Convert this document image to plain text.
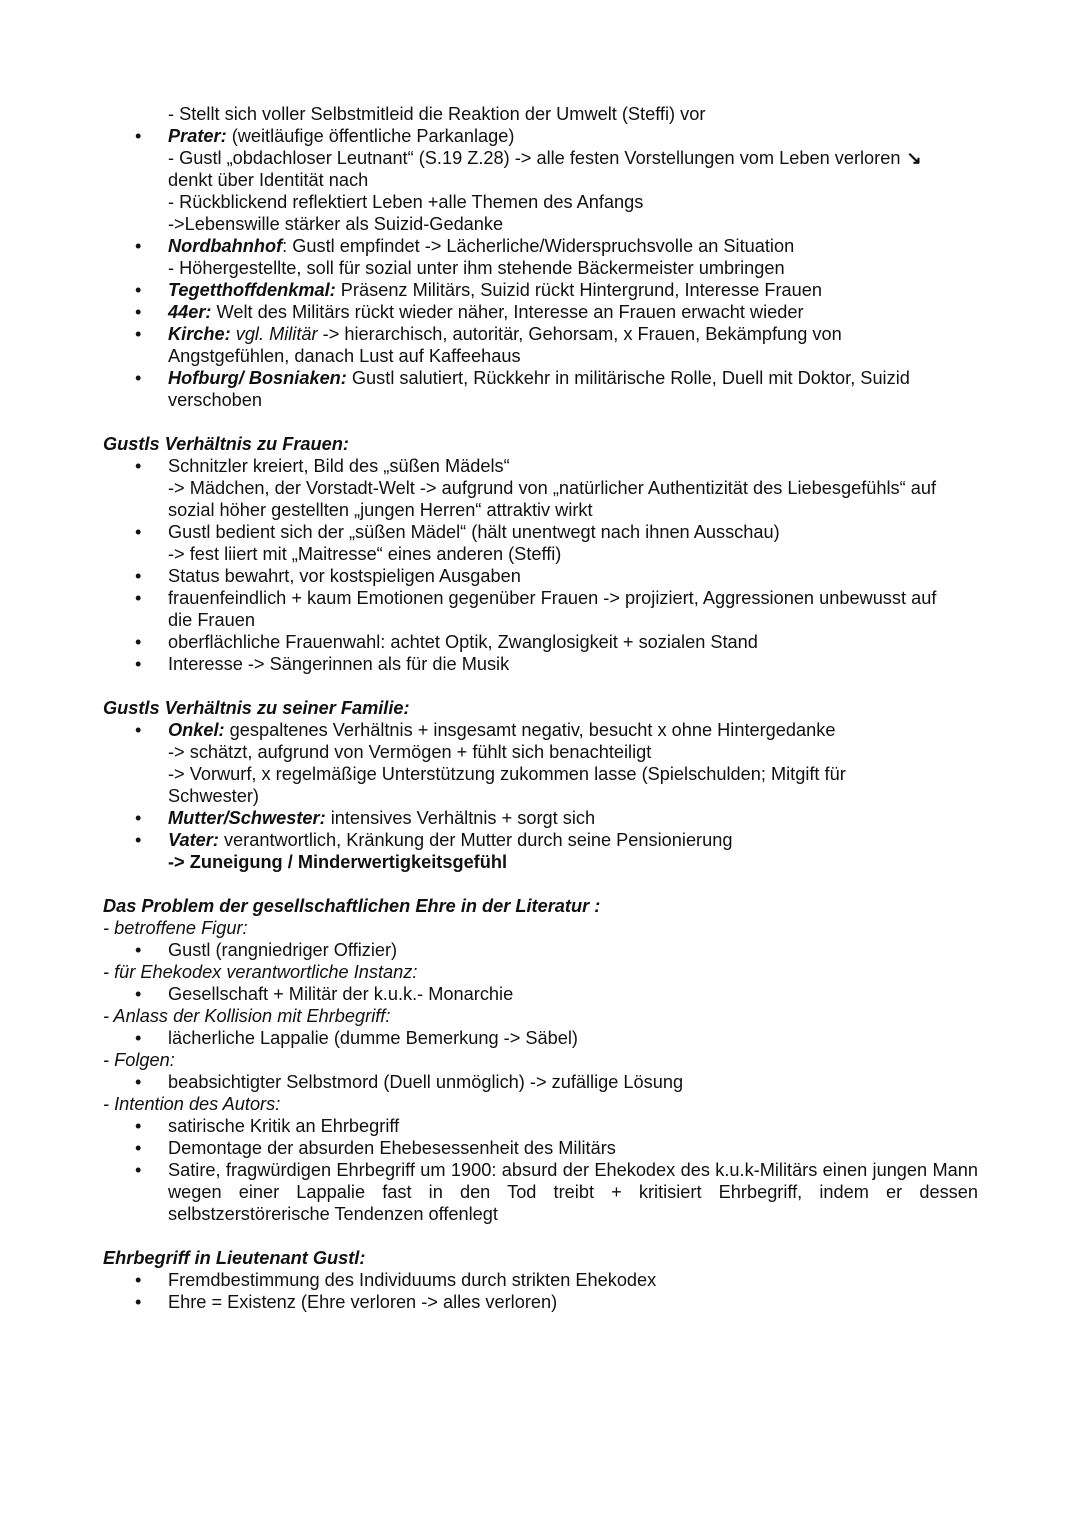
- Stellt sich voller Selbstmitleid die Reaktion der Umwelt (Steffi) vor
• Prater: (weitläufige öffentliche Parkanlage)
- Gustl „obdachloser Leutnant“ (S.19 Z.28) -> alle festen Vorstellungen vom Leben verloren ↘
denkt über Identität nach
- Rückblickend reflektiert Leben +alle Themen des Anfangs
->Lebenswille stärker als Suizid-Gedanke
• Nordbahnhof: Gustl empfindet -> Lächerliche/Widerspruchsvolle an Situation
- Höhergestellte, soll für sozial unter ihm stehende Bäckermeister umbringen
• Tegetthoffdenkmal: Präsenz Militärs, Suizid rückt Hintergrund, Interesse Frauen
• 44er: Welt des Militärs rückt wieder näher, Interesse an Frauen erwacht wieder
• Kirche: vgl. Militär -> hierarchisch, autoritär, Gehorsam, x Frauen, Bekämpfung von
Angstgefühlen, danach Lust auf Kaffeehaus
• Hofburg/ Bosniaken: Gustl salutiert, Rückkehr in militärische Rolle, Duell mit Doktor, Suizid
verschoben
Gustls Verhältnis zu Frauen:
• Schnitzler kreiert, Bild des „süßen Mädels“
-> Mädchen, der Vorstadt-Welt -> aufgrund von „natürlicher Authentizität des Liebesgefühls“ auf
sozial höher gestellten „jungen Herren“ attraktiv wirkt
• Gustl bedient sich der „süßen Mädel“ (hält unentwegt nach ihnen Ausschau)
-> fest liiert mit „Maitresse“ eines anderen (Steffi)
• Status bewahrt, vor kostspieligen Ausgaben
• frauenfeindlich + kaum Emotionen gegenüber Frauen -> projiziert, Aggressionen unbewusst auf
die Frauen
• oberflächliche Frauenwahl: achtet Optik, Zwanglosigkeit + sozialen Stand
• Interesse -> Sängerinnen als für die Musik
Gustls Verhältnis zu seiner Familie:
• Onkel: gespaltenes Verhältnis + insgesamt negativ, besucht x ohne Hintergedanke
-> schätzt, aufgrund von Vermögen + fühlt sich benachteiligt
-> Vorwurf, x regelmäßige Unterstützung zukommen lasse (Spielschulden; Mitgift für
Schwester)
• Mutter/Schwester: intensives Verhältnis + sorgt sich
• Vater: verantwortlich, Kränkung der Mutter durch seine Pensionierung
-> Zuneigung / Minderwertigkeitsgefühl
Das Problem der gesellschaftlichen Ehre in der Literatur :
- betroffene Figur:
• Gustl (rangniedriger Offizier)
- für Ehekodex verantwortliche Instanz:
• Gesellschaft + Militär der k.u.k.- Monarchie
- Anlass der Kollision mit Ehrbegriff:
• lächerliche Lappalie (dumme Bemerkung -> Säbel)
- Folgen:
• beabsichtigter Selbstmord (Duell unmöglich) -> zufällige Lösung
- Intention des Autors:
• satirische Kritik an Ehrbegriff
• Demontage der absurden Ehebesessenheit des Militärs
• Satire, fragwürdigen Ehrbegriff um 1900: absurd der Ehekodex des k.u.k-Militärs einen jungen Mann wegen einer Lappalie fast in den Tod treibt + kritisiert Ehrbegriff, indem er dessen selbstzerstörerische Tendenzen offenlegt
Ehrbegriff in Lieutenant Gustl:
• Fremdbestimmung des Individuums durch strikten Ehekodex
• Ehre = Existenz (Ehre verloren -> alles verloren)
